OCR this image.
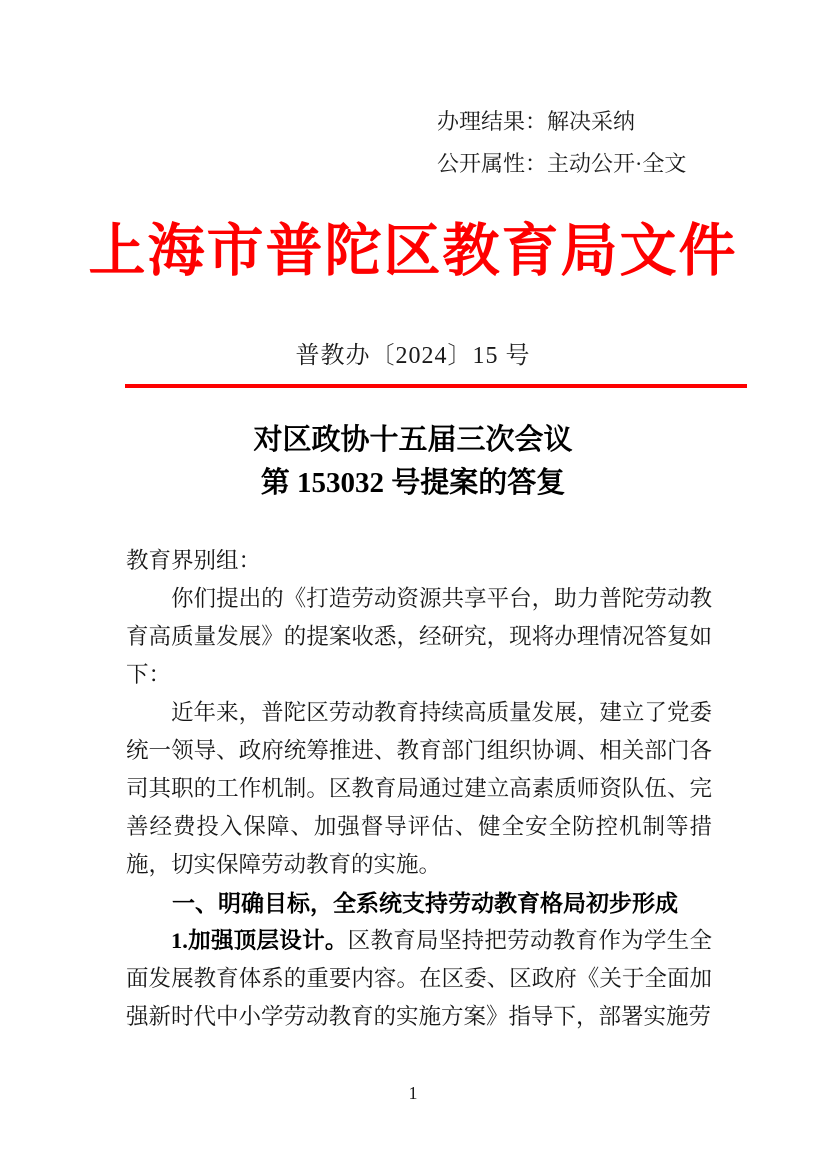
办理结果：解决采纳
公开属性：主动公开·全文
上海市普陀区教育局文件
普教办〔2024〕15 号
对区政协十五届三次会议
第 153032 号提案的答复

教育界别组：

你们提出的《打造劳动资源共享平台，助力普陀劳动教育高质量发展》的提案收悉，经研究，现将办理情况答复如下：

近年来，普陀区劳动教育持续高质量发展，建立了党委统一领导、政府统筹推进、教育部门组织协调、相关部门各司其职的工作机制。区教育局通过建立高素质师资队伍、完善经费投入保障、加强督导评估、健全安全防控机制等措施，切实保障劳动教育的实施。

一、明确目标，全系统支持劳动教育格局初步形成

1.加强顶层设计。区教育局坚持把劳动教育作为学生全面发展教育体系的重要内容。在区委、区政府《关于全面加强新时代中小学劳动教育的实施方案》指导下，部署实施劳

1
